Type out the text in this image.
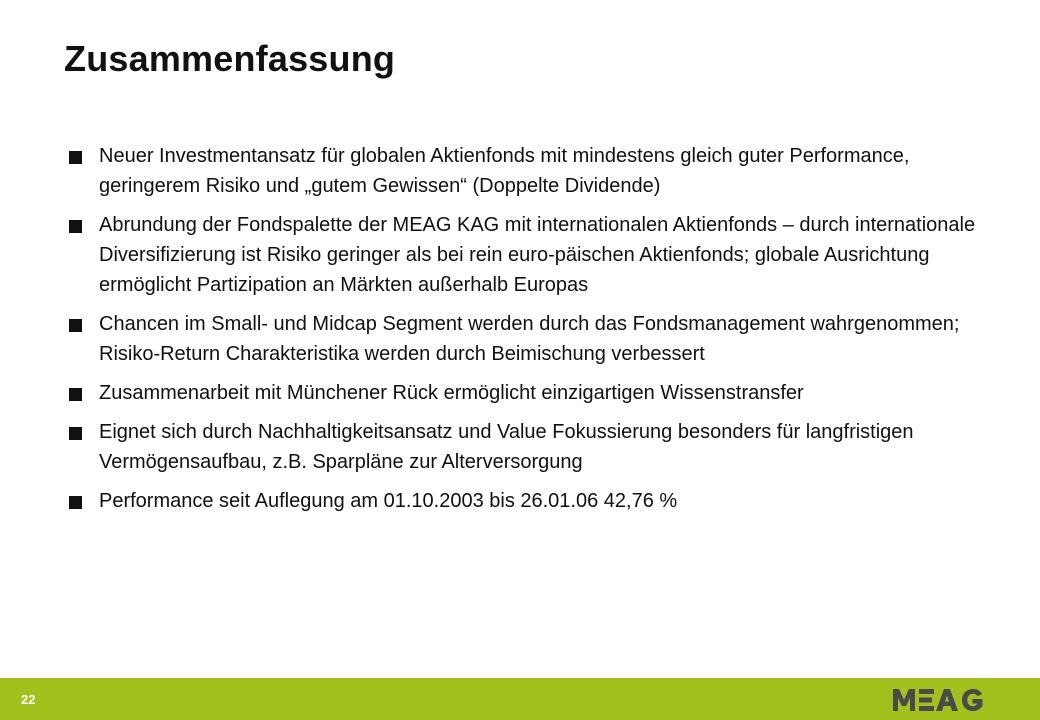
Zusammenfassung
Neuer Investmentansatz für globalen Aktienfonds mit mindestens gleich guter Performance, geringerem Risiko und „gutem Gewissen“ (Doppelte Dividende)
Abrundung der Fondspalette der MEAG KAG mit internationalen Aktienfonds – durch internationale Diversifizierung ist Risiko geringer als bei rein euro-päischen Aktienfonds; globale Ausrichtung ermöglicht Partizipation an Märkten außerhalb Europas
Chancen im Small- und Midcap Segment werden durch das Fondsmanagement wahrgenommen; Risiko-Return Charakteristika werden durch Beimischung verbessert
Zusammenarbeit mit Münchener Rück ermöglicht einzigartigen Wissenstransfer
Eignet sich durch Nachhaltigkeitsansatz und Value Fokussierung besonders für langfristigen Vermögensaufbau, z.B. Sparpläne zur Alterversorgung
Performance seit Auflegung am 01.10.2003 bis 26.01.06 42,76 %
22
